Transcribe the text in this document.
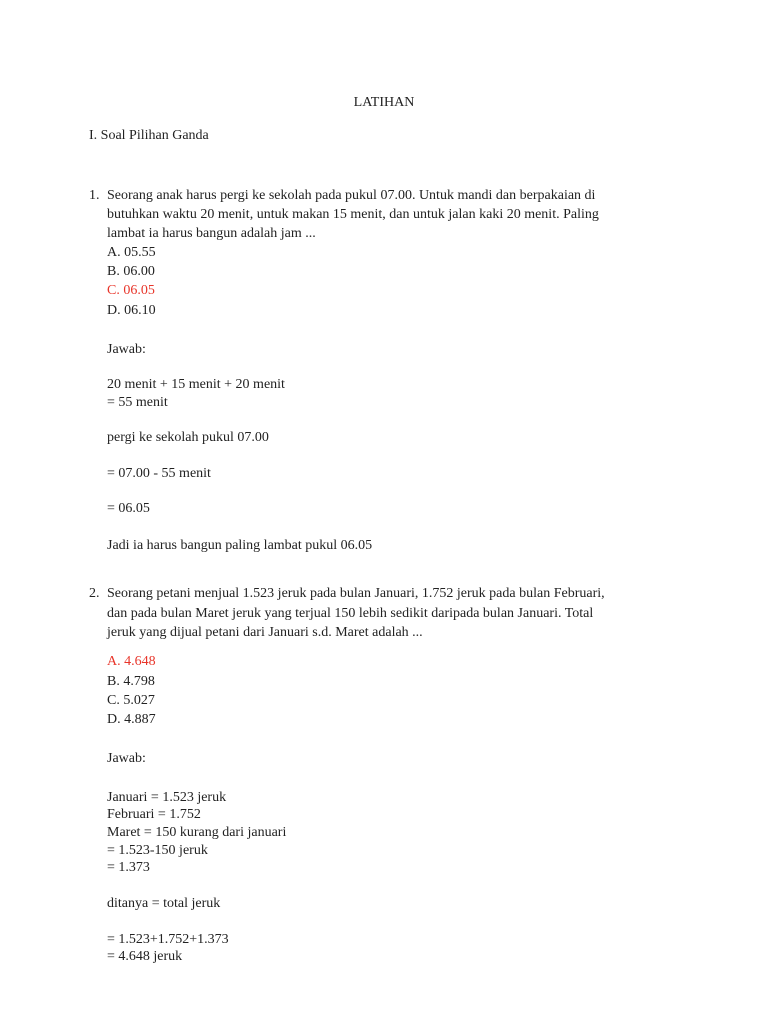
LATIHAN
I. Soal Pilihan Ganda
1. Seorang anak harus pergi ke sekolah pada pukul 07.00. Untuk mandi dan berpakaian di
butuhkan waktu 20 menit, untuk makan 15 menit, dan untuk jalan kaki 20 menit. Paling
lambat ia harus bangun adalah jam ...
A. 05.55
B. 06.00
C. 06.05
D. 06.10
Jawab:
20 menit + 15 menit + 20 menit
= 55 menit
pergi ke sekolah pukul 07.00
= 07.00 - 55 menit
= 06.05
Jadi ia harus bangun paling lambat pukul 06.05
2. Seorang petani menjual 1.523 jeruk pada bulan Januari, 1.752 jeruk pada bulan Februari,
dan pada bulan Maret jeruk yang terjual 150 lebih sedikit daripada bulan Januari. Total
jeruk yang dijual petani dari Januari s.d. Maret adalah ...
A. 4.648
B. 4.798
C. 5.027
D. 4.887
Jawab:
Januari = 1.523 jeruk
Februari = 1.752
Maret = 150 kurang dari januari
= 1.523-150 jeruk
= 1.373
ditanya = total jeruk
= 1.523+1.752+1.373
= 4.648 jeruk
